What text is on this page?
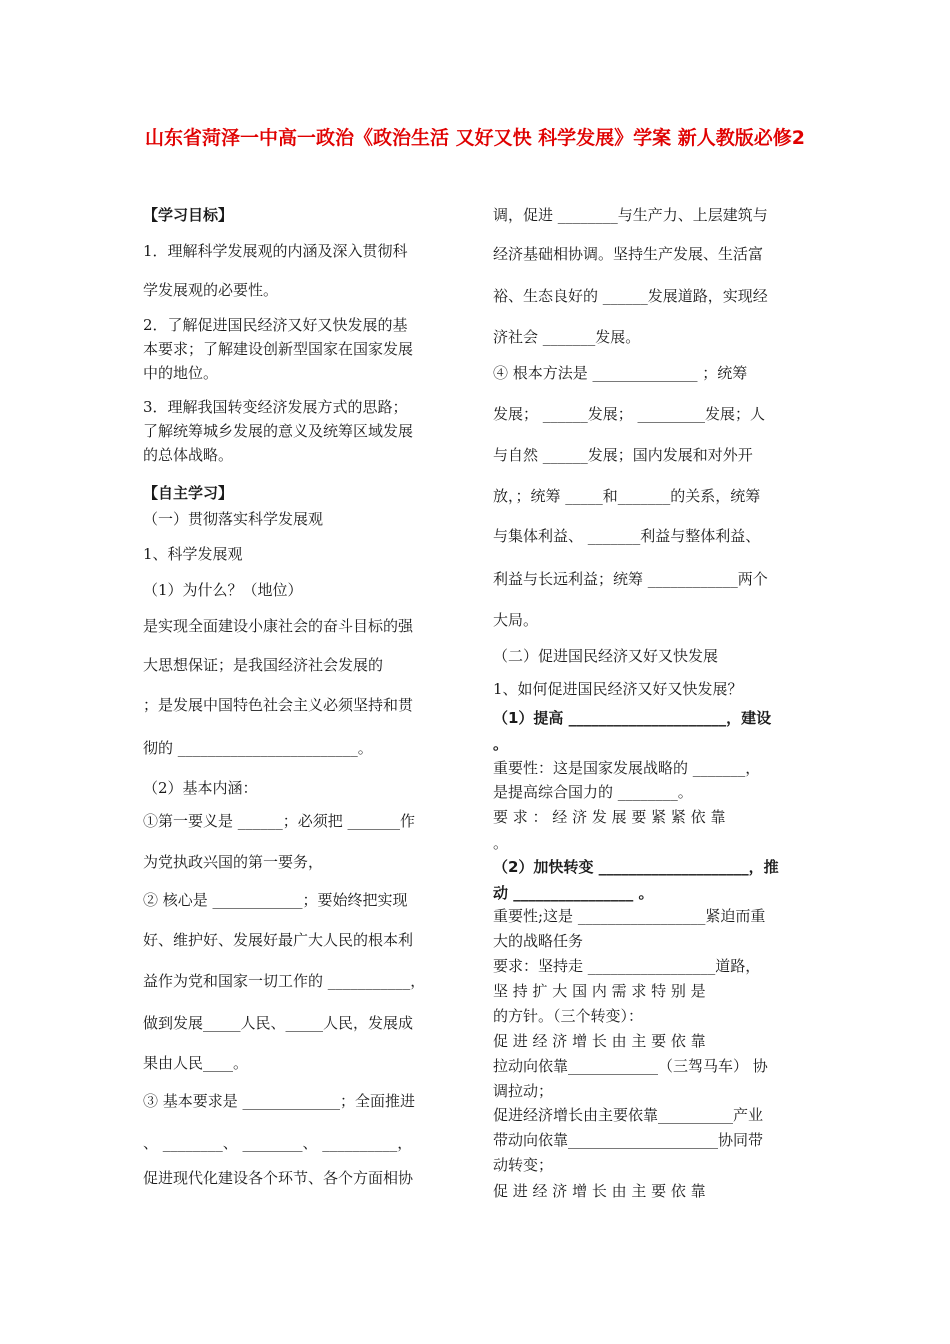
山东省菏泽一中高一政治《政治生活 又好又快 科学发展》学案 新人教版必修2
【学习目标】
1．理解科学发展观的内涵及深入贯彻科
学发展观的必要性。
2．了解促进国民经济又好又快发展的基
本要求；了解建设创新型国家在国家发展
中的地位。
3．理解我国转变经济发展方式的思路；
了解统筹城乡发展的意义及统筹区域发展
的总体战略。
【自主学习】
（一）贯彻落实科学发展观
1、科学发展观
（1）为什么？（地位）
是实现全面建设小康社会的奋斗目标的强
大思想保证；是我国经济社会发展的
；是发展中国特色社会主义必须坚持和贯
彻的 ________________________。
（2）基本内涵：
①第一要义是 ______；必须把 _______作
为党执政兴国的第一要务，
② 核心是 ____________；要始终把实现
好、维护好、发展好最广大人民的根本利
益作为党和国家一切工作的 ___________，
做到发展_____人民、_____人民，发展成
果由人民____。
③ 基本要求是 _____________；全面推进
、 ________、 ________、 __________，
促进现代化建设各个环节、各个方面相协
调，促进 ________与生产力、上层建筑与
经济基础相协调。坚持生产发展、生活富
裕、生态良好的 ______发展道路，实现经
济社会 _______发展。
④ 根本方法是 ______________ ；统筹
发展； ______发展； _________发展；人
与自然 ______发展；国内发展和对外开
放，；统筹 _____和_______的关系，统筹
与集体利益、 _______利益与整体利益、
利益与长远利益；统筹 ____________两个
大局。
（二）促进国民经济又好又快发展
1、如何促进国民经济又好又快发展？
（1）提高 _____________________，建设
。
重要性：这是国家发展战略的 _______，
是提高综合国力的 ________。
要 求 ： 经 济 发 展 要 紧 紧 依 靠
。
（2）加快转变 ____________________，推
动 ________________ 。
重要性;这是 _________________紧迫而重
大的战略任务
要求：坚持走 _________________道路，
坚 持 扩 大 国 内 需 求 特 别 是
的方针。（三个转变）：
促 进 经 济 增 长 由 主 要 依 靠
拉动向依靠____________（三驾马车） 协
调拉动；
促进经济增长由主要依靠__________产业
带动向依靠____________________协同带
动转变；
促 进 经 济 增 长 由 主 要 依 靠
